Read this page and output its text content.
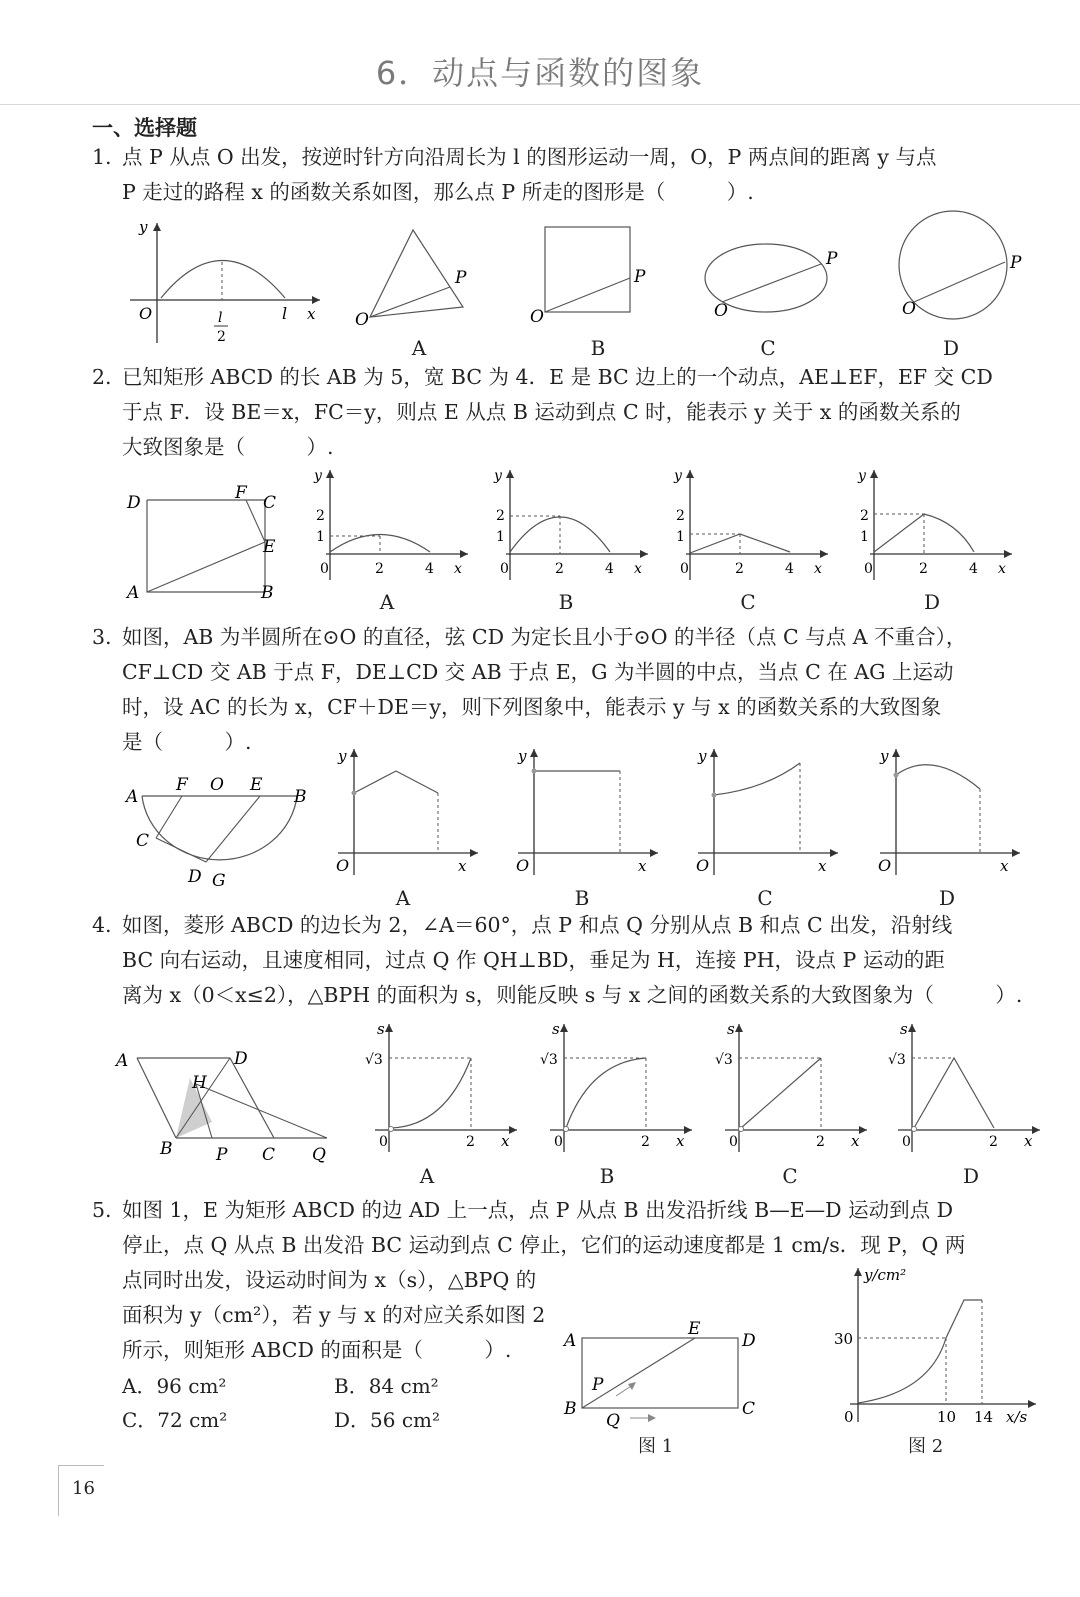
6．动点与函数的图象
一、选择题
1. 点 P 从点 O 出发，按逆时针方向沿周长为 l 的图形运动一周，O，P 两点间的距离 y 与点
P 走过的路程 x 的函数关系如图，那么点 P 所走的图形是（　　　）.
y
O	l
2
l x
P
O
A
P
O
B
P
O
C
P
O
D
2. 已知矩形 ABCD 的长 AB 为 5，宽 BC 为 4．E 是 BC 边上的一个动点，AE⊥EF，EF 交 CD
于点 F．设 BE＝x，FC＝y，则点 E 从点 B 运动到点 C 时，能表示 y 关于 x 的函数关系的
大致图象是（　　　）.
D	F C
E
A	B
y
2
1
0	2	4 x
A
y
2
1
0	2	4 x
B
y
2
1
0	2	4 x
C
y
2
1
0	2	4 x
D
3. 如图，AB 为半圆所在⊙O 的直径，弦 CD 为定长且小于⊙O 的半径（点 C 与点 A 不重合），
CF⊥CD 交 AB 于点 F，DE⊥CD 交 AB 于点 E，G 为半圆的中点，当点 C 在 AG 上运动
时，设 AC 的长为 x，CF＋DE＝y，则下列图象中，能表示 y 与 x 的函数关系的大致图象
是（　　　）.
A
F O E
B
C
D G
y
O	x
A
y
O	x
B
y
O	x
C
y
O	x
D
4. 如图，菱形 ABCD 的边长为 2，∠A＝60°，点 P 和点 Q 分别从点 B 和点 C 出发，沿射线
BC 向右运动，且速度相同，过点 Q 作 QH⊥BD，垂足为 H，连接 PH，设点 P 运动的距
离为 x（0＜x≤2），△BPH 的面积为 s，则能反映 s 与 x 之间的函数关系的大致图象为（　　　）.
A	D
H
B	P C Q
s
√3
0	2 x
A
s
√3
0	2 x
B
s
√3
0	2 x
C
s
√3
0	2 x
D
5. 如图 1，E 为矩形 ABCD 的边 AD 上一点，点 P 从点 B 出发沿折线 B—E—D 运动到点 D
停止，点 Q 从点 B 出发沿 BC 运动到点 C 停止，它们的运动速度都是 1 cm/s．现 P，Q 两
点同时出发，设运动时间为 x（s），△BPQ 的
面积为 y（cm²），若 y 与 x 的对应关系如图 2
所示，则矩形 ABCD 的面积是（　　　）.
A．96 cm²	B．84 cm²
C．72 cm²	D．56 cm²
A
E
D
B	C
P
Q
图 1
y/cm²
30
0	10 14 x/s
图 2
16
